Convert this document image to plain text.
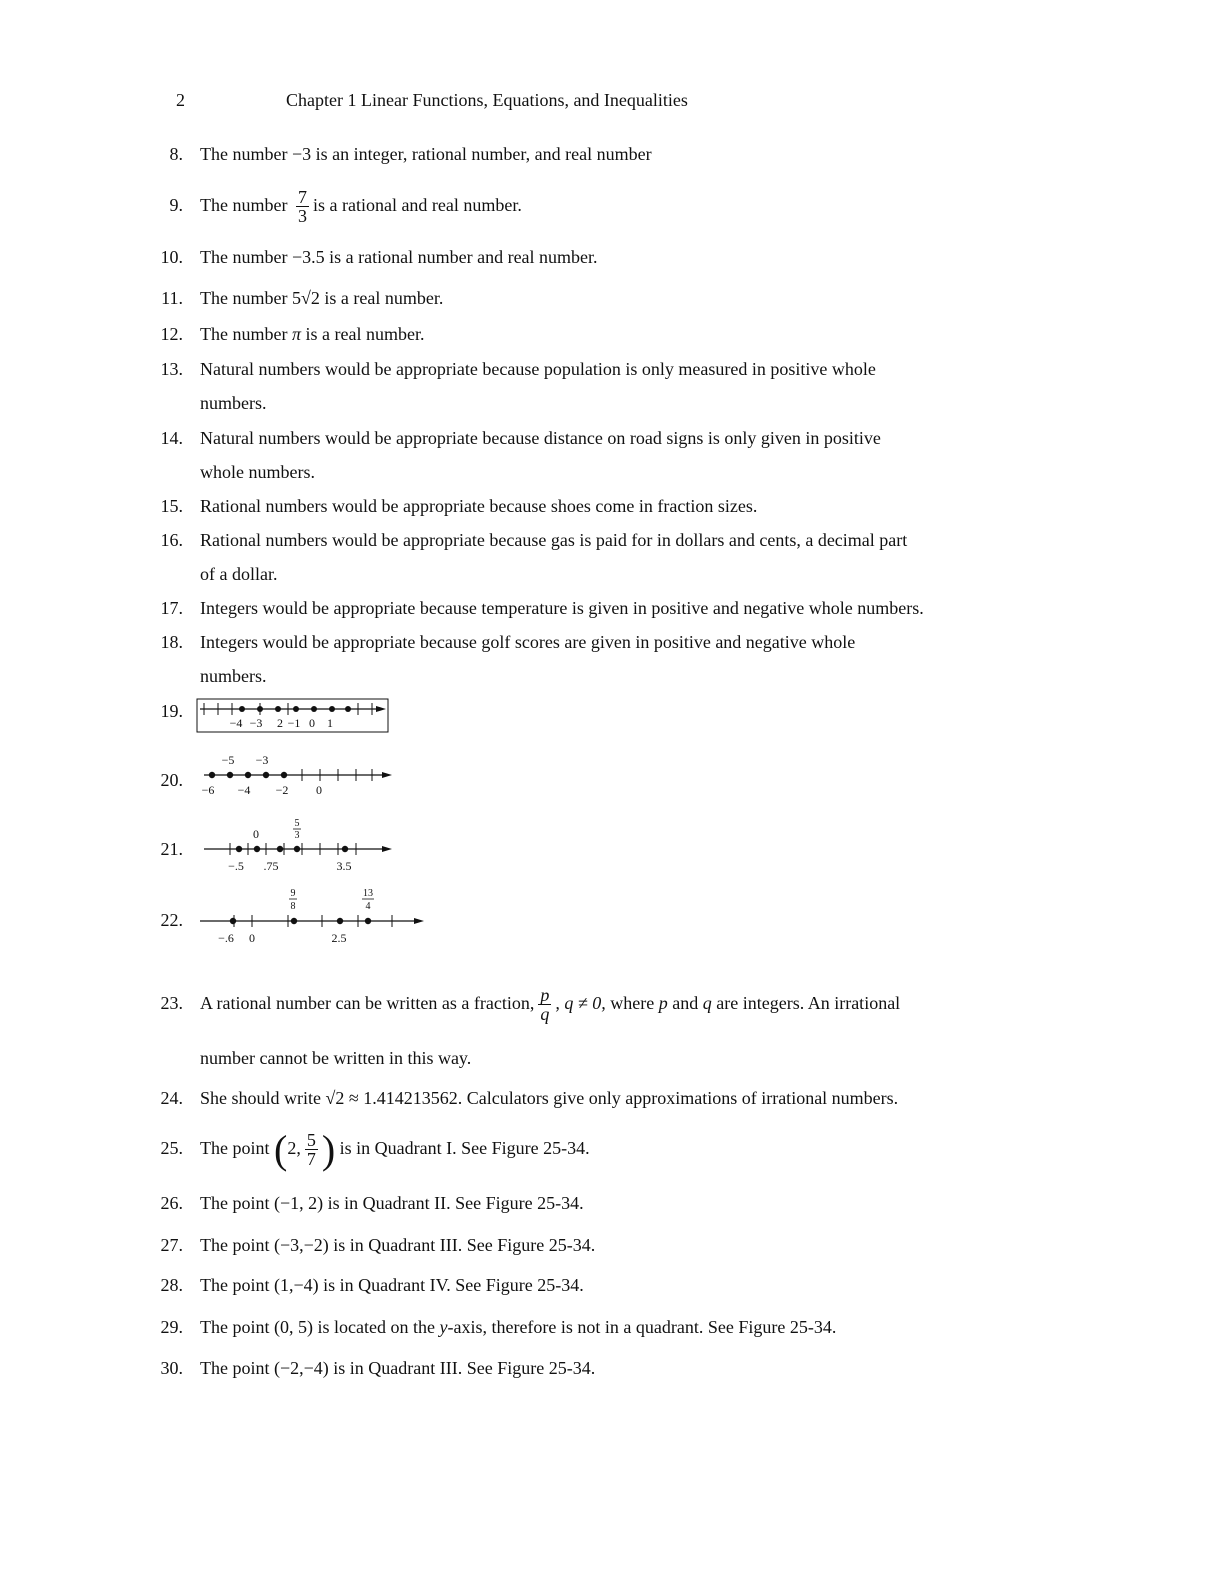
2	Chapter 1 Linear Functions, Equations, and Inequalities
8. The number −3 is an integer, rational number, and real number
9. The number $\frac{7}{3}$ is a rational and real number.
10. The number −3.5 is a rational number and real number.
11. The number 5√2 is a real number.
12. The number π is a real number.
13. Natural numbers would be appropriate because population is only measured in positive whole
numbers.
14. Natural numbers would be appropriate because distance on road signs is only given in positive
whole numbers.
15. Rational numbers would be appropriate because shoes come in fraction sizes.
16. Rational numbers would be appropriate because gas is paid for in dollars and cents, a decimal part
of a dollar.
17. Integers would be appropriate because temperature is given in positive and negative whole numbers.
18. Integers would be appropriate because golf scores are given in positive and negative whole
numbers.
19.
−4 −3 2 −1 0 1
20.
−5 −3
−6 −4 −2 0
21.
0
5
3
−.5 .75	3.5
22.
9
8
13
4
−.6 0	2.5
23. A rational number can be written as a fraction, $\frac{p}{q}$ , q ≠ 0, where p and q are integers. An irrational
number cannot be written in this way.
24. She should write √2 ≈ 1.414213562. Calculators give only approximations of irrational numbers.
25. The point (2, $\frac{5}{7}$ ) is in Quadrant I. See Figure 25-34.
26. The point (−1, 2) is in Quadrant II. See Figure 25-34.
27. The point (−3,−2) is in Quadrant III. See Figure 25-34.
28. The point (1,−4) is in Quadrant IV. See Figure 25-34.
29. The point (0, 5) is located on the y-axis, therefore is not in a quadrant. See Figure 25-34.
30. The point (−2,−4) is in Quadrant III. See Figure 25-34.
